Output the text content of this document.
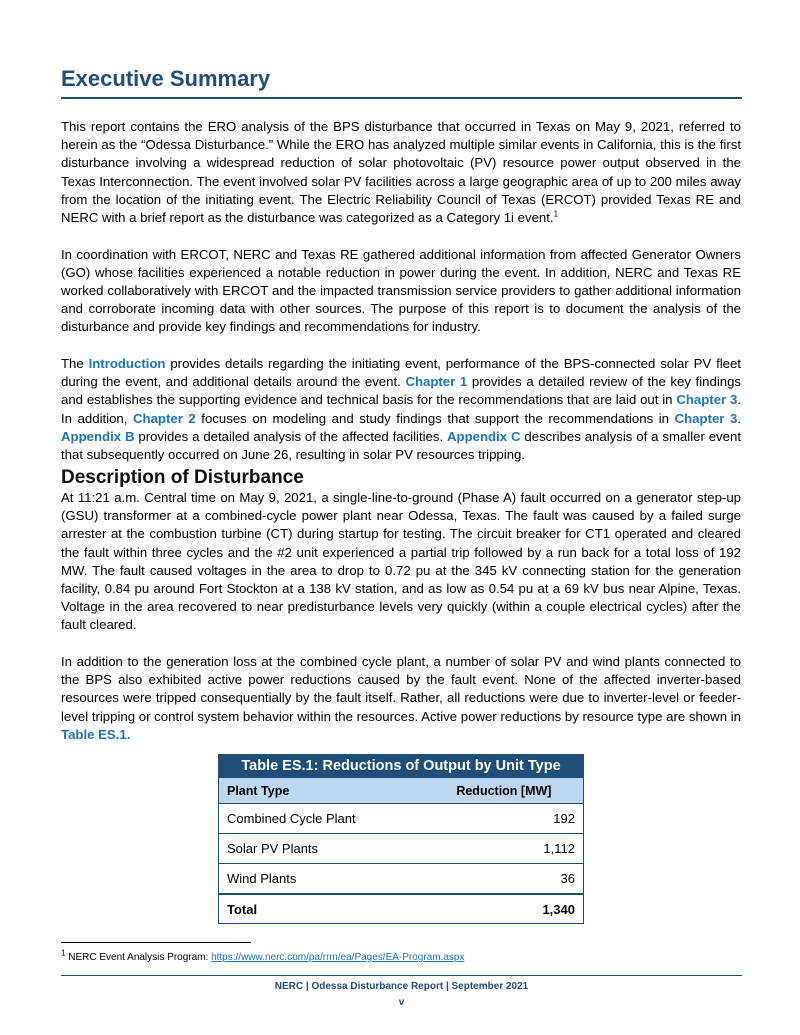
Executive Summary

This report contains the ERO analysis of the BPS disturbance that occurred in Texas on May 9, 2021, referred to herein as the “Odessa Disturbance.” While the ERO has analyzed multiple similar events in California, this is the first disturbance involving a widespread reduction of solar photovoltaic (PV) resource power output observed in the Texas Interconnection. The event involved solar PV facilities across a large geographic area of up to 200 miles away from the location of the initiating event. The Electric Reliability Council of Texas (ERCOT) provided Texas RE and NERC with a brief report as the disturbance was categorized as a Category 1i event.$^1$

In coordination with ERCOT, NERC and Texas RE gathered additional information from affected Generator Owners (GO) whose facilities experienced a notable reduction in power during the event. In addition, NERC and Texas RE worked collaboratively with ERCOT and the impacted transmission service providers to gather additional information and corroborate incoming data with other sources. The purpose of this report is to document the analysis of the disturbance and provide key findings and recommendations for industry.

The Introduction provides details regarding the initiating event, performance of the BPS-connected solar PV fleet during the event, and additional details around the event. Chapter 1 provides a detailed review of the key findings and establishes the supporting evidence and technical basis for the recommendations that are laid out in Chapter 3. In addition, Chapter 2 focuses on modeling and study findings that support the recommendations in Chapter 3. Appendix B provides a detailed analysis of the affected facilities. Appendix C describes analysis of a smaller event that subsequently occurred on June 26, resulting in solar PV resources tripping.

Description of Disturbance

At 11:21 a.m. Central time on May 9, 2021, a single-line-to-ground (Phase A) fault occurred on a generator step-up (GSU) transformer at a combined-cycle power plant near Odessa, Texas. The fault was caused by a failed surge arrester at the combustion turbine (CT) during startup for testing. The circuit breaker for CT1 operated and cleared the fault within three cycles and the #2 unit experienced a partial trip followed by a run back for a total loss of 192 MW. The fault caused voltages in the area to drop to 0.72 pu at the 345 kV connecting station for the generation facility, 0.84 pu around Fort Stockton at a 138 kV station, and as low as 0.54 pu at a 69 kV bus near Alpine, Texas. Voltage in the area recovered to near predisturbance levels very quickly (within a couple electrical cycles) after the fault cleared.

In addition to the generation loss at the combined cycle plant, a number of solar PV and wind plants connected to the BPS also exhibited active power reductions caused by the fault event. None of the affected inverter-based resources were tripped consequentially by the fault itself. Rather, all reductions were due to inverter-level or feeder-level tripping or control system behavior within the resources. Active power reductions by resource type are shown in Table ES.1.

Table ES.1: Reductions of Output by Unit Type	
Plant Type	Reduction [MW]
Combined Cycle Plant	192
Solar PV Plants	1,112
Wind Plants	36
Total	1,340
$^1$ NERC Event Analysis Program: https://www.nerc.com/pa/rrm/ea/Pages/EA-Program.aspx
NERC | Odessa Disturbance Report | September 2021
v
